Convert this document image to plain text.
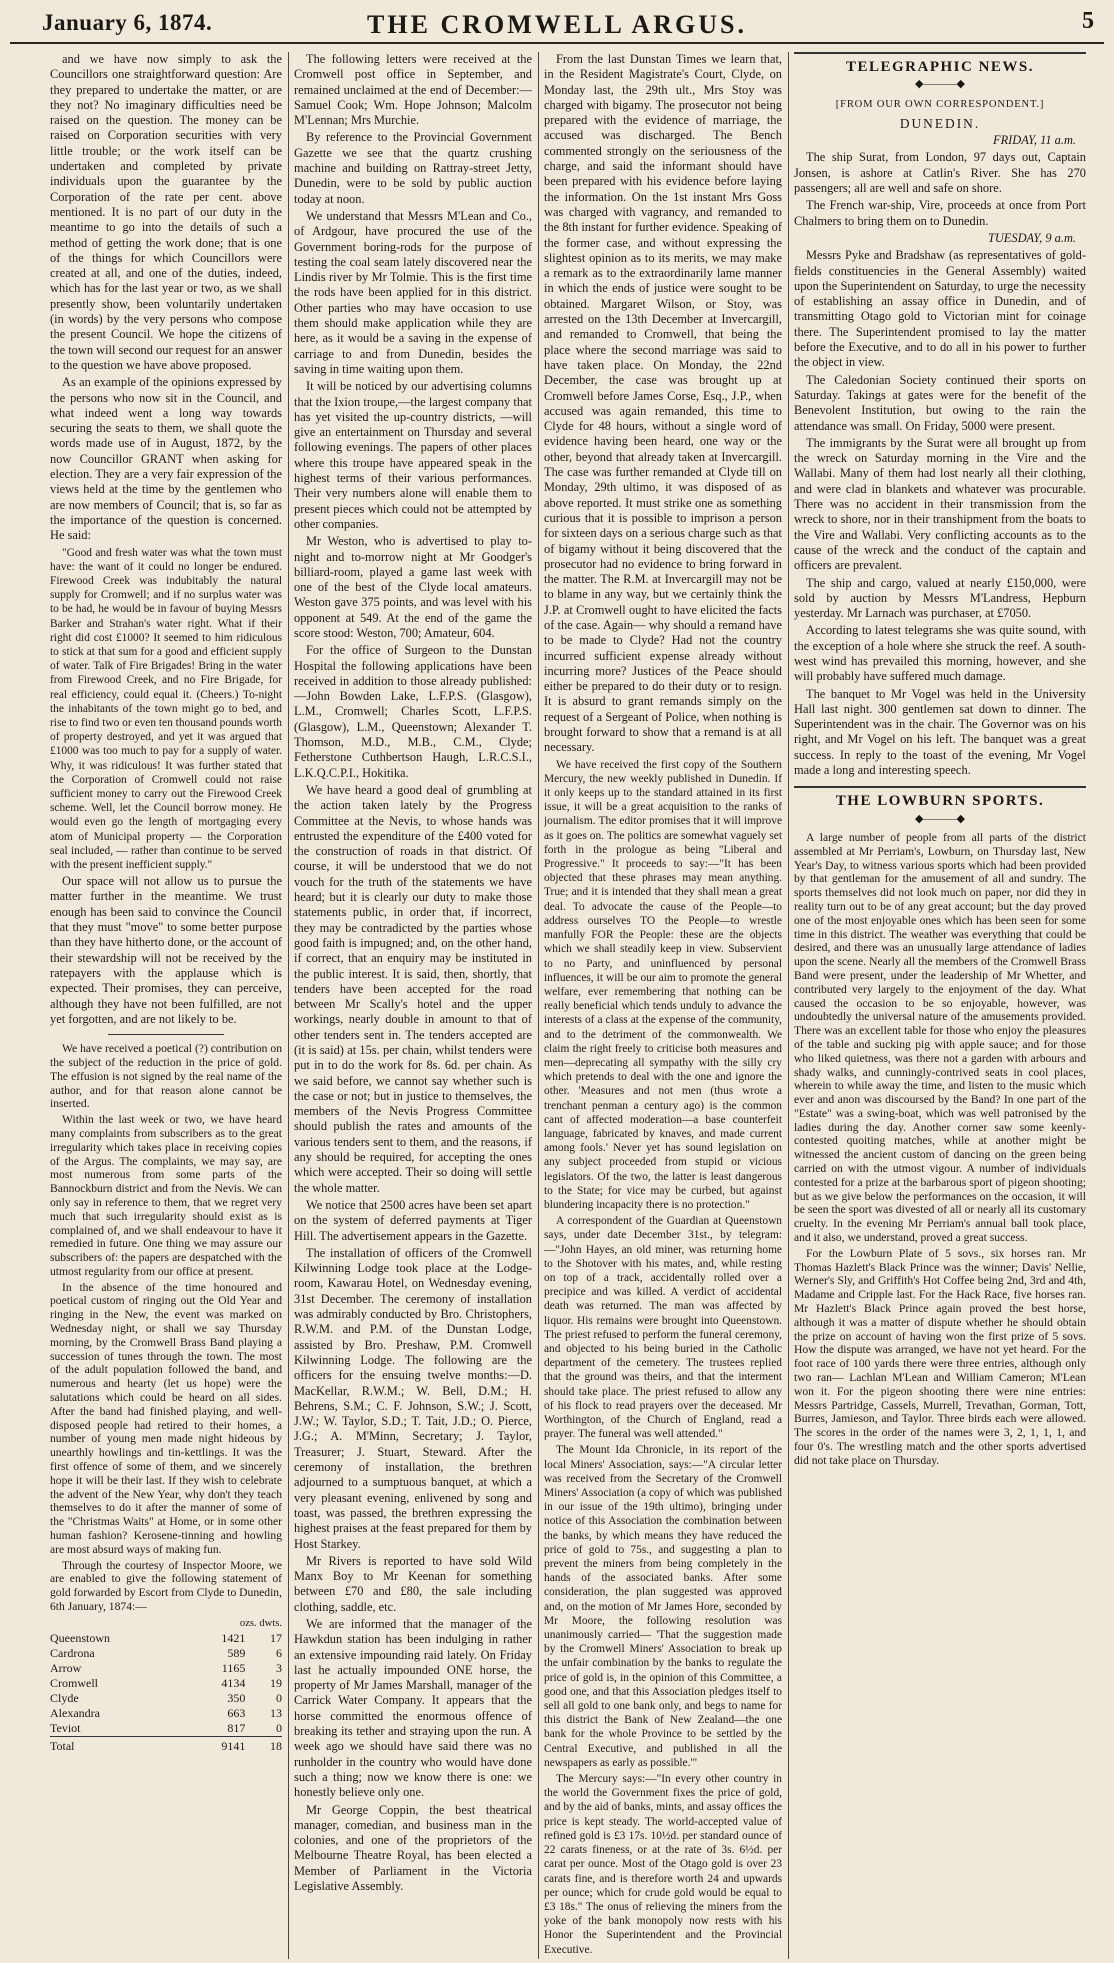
January 6, 1874.	THE CROMWELL ARGUS.	5

and we have now simply to ask the Councillors one straightforward question: Are they prepared to undertake the matter, or are they not? No imaginary difficulties need be raised on the question. The money can be raised on Corporation securities with very little trouble; or the work itself can be undertaken and completed by private individuals upon the guarantee by the Corporation of the rate per cent. above mentioned. It is no part of our duty in the meantime to go into the details of such a method of getting the work done; that is one of the things for which Councillors were created at all, and one of the duties, indeed, which has for the last year or two, as we shall presently show, been voluntarily undertaken (in words) by the very persons who compose the present Council. We hope the citizens of the town will second our request for an answer to the question we have above proposed.

As an example of the opinions expressed by the persons who now sit in the Council, and what indeed went a long way towards securing the seats to them, we shall quote the words made use of in August, 1872, by the now Councillor GRANT when asking for election. They are a very fair expression of the views held at the time by the gentlemen who are now members of Council; that is, so far as the importance of the question is concerned. He said:

"Good and fresh water was what the town must have: the want of it could no longer be endured. Firewood Creek was indubitably the natural supply for Cromwell; and if no surplus water was to be had, he would be in favour of buying Messrs Barker and Strahan's water right. What if their right did cost £1000? It seemed to him ridiculous to stick at that sum for a good and efficient supply of water. Talk of Fire Brigades! Bring in the water from Firewood Creek, and no Fire Brigade, for real efficiency, could equal it. (Cheers.) To-night the inhabitants of the town might go to bed, and rise to find two or even ten thousand pounds worth of property destroyed, and yet it was argued that £1000 was too much to pay for a supply of water. Why, it was ridiculous! It was further stated that the Corporation of Cromwell could not raise sufficient money to carry out the Firewood Creek scheme. Well, let the Council borrow money. He would even go the length of mortgaging every atom of Municipal property — the Corporation seal included, — rather than continue to be served with the present inefficient supply."

Our space will not allow us to pursue the matter further in the meantime. We trust enough has been said to convince the Council that they must "move" to some better purpose than they have hitherto done, or the account of their stewardship will not be received by the ratepayers with the applause which is expected. Their promises, they can perceive, although they have not been fulfilled, are not yet forgotten, and are not likely to be.

We have received a poetical (?) contribution on the subject of the reduction in the price of gold. The effusion is not signed by the real name of the author, and for that reason alone cannot be inserted.

Within the last week or two, we have heard many complaints from subscribers as to the great irregularity which takes place in receiving copies of the Argus. The complaints, we may say, are most numerous from some parts of the Bannockburn district and from the Nevis. We can only say in reference to them, that we regret very much that such irregularity should exist as is complained of, and we shall endeavour to have it remedied in future. One thing we may assure our subscribers of: the papers are despatched with the utmost regularity from our office at present.

In the absence of the time honoured and poetical custom of ringing out the Old Year and ringing in the New, the event was marked on Wednesday night, or shall we say Thursday morning, by the Cromwell Brass Band playing a succession of tunes through the town. The most of the adult population followed the band, and numerous and hearty (let us hope) were the salutations which could be heard on all sides. After the band had finished playing, and well-disposed people had retired to their homes, a number of young men made night hideous by unearthly howlings and tin-kettlings. It was the first offence of some of them, and we sincerely hope it will be their last. If they wish to celebrate the advent of the New Year, why don't they teach themselves to do it after the manner of some of the "Christmas Waits" at Home, or in some other human fashion? Kerosene-tinning and howling are most absurd ways of making fun.

Through the courtesy of Inspector Moore, we are enabled to give the following statement of gold forwarded by Escort from Clyde to Dunedin, 6th January, 1874:—

	ozs. dwts.	
Queenstown	1421	17
Cardrona	589	6
Arrow	1165	3
Cromwell	4134	19
Clyde	350	0
Alexandra	663	13
Teviot	817	0
Total	9141	18

The following letters were received at the Cromwell post office in September, and remained unclaimed at the end of December:— Samuel Cook; Wm. Hope Johnson; Malcolm M'Lennan; Mrs Murchie.

By reference to the Provincial Government Gazette we see that the quartz crushing machine and building on Rattray-street Jetty, Dunedin, were to be sold by public auction today at noon.

We understand that Messrs M'Lean and Co., of Ardgour, have procured the use of the Government boring-rods for the purpose of testing the coal seam lately discovered near the Lindis river by Mr Tolmie. This is the first time the rods have been applied for in this district. Other parties who may have occasion to use them should make application while they are here, as it would be a saving in the expense of carriage to and from Dunedin, besides the saving in time waiting upon them.

It will be noticed by our advertising columns that the Ixion troupe,—the largest company that has yet visited the up-country districts, —will give an entertainment on Thursday and several following evenings. The papers of other places where this troupe have appeared speak in the highest terms of their various performances. Their very numbers alone will enable them to present pieces which could not be attempted by other companies.

Mr Weston, who is advertised to play to-night and to-morrow night at Mr Goodger's billiard-room, played a game last week with one of the best of the Clyde local amateurs. Weston gave 375 points, and was level with his opponent at 549. At the end of the game the score stood: Weston, 700; Amateur, 604.

For the office of Surgeon to the Dunstan Hospital the following applications have been received in addition to those already published: —John Bowden Lake, L.F.P.S. (Glasgow), L.M., Cromwell; Charles Scott, L.F.P.S. (Glasgow), L.M., Queenstown; Alexander T. Thomson, M.D., M.B., C.M., Clyde; Fetherstone Cuthbertson Haugh, L.R.C.S.I., L.K.Q.C.P.I., Hokitika.

We have heard a good deal of grumbling at the action taken lately by the Progress Committee at the Nevis, to whose hands was entrusted the expenditure of the £400 voted for the construction of roads in that district. Of course, it will be understood that we do not vouch for the truth of the statements we have heard; but it is clearly our duty to make those statements public, in order that, if incorrect, they may be contradicted by the parties whose good faith is impugned; and, on the other hand, if correct, that an enquiry may be instituted in the public interest. It is said, then, shortly, that tenders have been accepted for the road between Mr Scally's hotel and the upper workings, nearly double in amount to that of other tenders sent in. The tenders accepted are (it is said) at 15s. per chain, whilst tenders were put in to do the work for 8s. 6d. per chain. As we said before, we cannot say whether such is the case or not; but in justice to themselves, the members of the Nevis Progress Committee should publish the rates and amounts of the various tenders sent to them, and the reasons, if any should be required, for accepting the ones which were accepted. Their so doing will settle the whole matter.

We notice that 2500 acres have been set apart on the system of deferred payments at Tiger Hill. The advertisement appears in the Gazette.

The installation of officers of the Cromwell Kilwinning Lodge took place at the Lodge-room, Kawarau Hotel, on Wednesday evening, 31st December. The ceremony of installation was admirably conducted by Bro. Christophers, R.W.M. and P.M. of the Dunstan Lodge, assisted by Bro. Preshaw, P.M. Cromwell Kilwinning Lodge. The following are the officers for the ensuing twelve months:—D. MacKellar, R.W.M.; W. Bell, D.M.; H. Behrens, S.M.; C. F. Johnson, S.W.; J. Scott, J.W.; W. Taylor, S.D.; T. Tait, J.D.; O. Pierce, J.G.; A. M'Minn, Secretary; J. Taylor, Treasurer; J. Stuart, Steward. After the ceremony of installation, the brethren adjourned to a sumptuous banquet, at which a very pleasant evening, enlivened by song and toast, was passed, the brethren expressing the highest praises at the feast prepared for them by Host Starkey.

Mr Rivers is reported to have sold Wild Manx Boy to Mr Keenan for something between £70 and £80, the sale including clothing, saddle, etc.

We are informed that the manager of the Hawkdun station has been indulging in rather an extensive impounding raid lately. On Friday last he actually impounded ONE horse, the property of Mr James Marshall, manager of the Carrick Water Company. It appears that the horse committed the enormous offence of breaking its tether and straying upon the run. A week ago we should have said there was no runholder in the country who would have done such a thing; now we know there is one: we honestly believe only one.

Mr George Coppin, the best theatrical manager, comedian, and business man in the colonies, and one of the proprietors of the Melbourne Theatre Royal, has been elected a Member of Parliament in the Victoria Legislative Assembly.

From the last Dunstan Times we learn that, in the Resident Magistrate's Court, Clyde, on Monday last, the 29th ult., Mrs Stoy was charged with bigamy. The prosecutor not being prepared with the evidence of marriage, the accused was discharged. The Bench commented strongly on the seriousness of the charge, and said the informant should have been prepared with his evidence before laying the information. On the 1st instant Mrs Goss was charged with vagrancy, and remanded to the 8th instant for further evidence. Speaking of the former case, and without expressing the slightest opinion as to its merits, we may make a remark as to the extraordinarily lame manner in which the ends of justice were sought to be obtained. Margaret Wilson, or Stoy, was arrested on the 13th December at Invercargill, and remanded to Cromwell, that being the place where the second marriage was said to have taken place. On Monday, the 22nd December, the case was brought up at Cromwell before James Corse, Esq., J.P., when accused was again remanded, this time to Clyde for 48 hours, without a single word of evidence having been heard, one way or the other, beyond that already taken at Invercargill. The case was further remanded at Clyde till on Monday, 29th ultimo, it was disposed of as above reported. It must strike one as something curious that it is possible to imprison a person for sixteen days on a serious charge such as that of bigamy without it being discovered that the prosecutor had no evidence to bring forward in the matter. The R.M. at Invercargill may not be to blame in any way, but we certainly think the J.P. at Cromwell ought to have elicited the facts of the case. Again— why should a remand have to be made to Clyde? Had not the country incurred sufficient expense already without incurring more? Justices of the Peace should either be prepared to do their duty or to resign. It is absurd to grant remands simply on the request of a Sergeant of Police, when nothing is brought forward to show that a remand is at all necessary.

We have received the first copy of the Southern Mercury, the new weekly published in Dunedin. If it only keeps up to the standard attained in its first issue, it will be a great acquisition to the ranks of journalism. The editor promises that it will improve as it goes on. The politics are somewhat vaguely set forth in the prologue as being "Liberal and Progressive." It proceeds to say:—"It has been objected that these phrases may mean anything. True; and it is intended that they shall mean a great deal. To advocate the cause of the People—to address ourselves TO the People—to wrestle manfully FOR the People: these are the objects which we shall steadily keep in view. Subservient to no Party, and uninfluenced by personal influences, it will be our aim to promote the general welfare, ever remembering that nothing can be really beneficial which tends unduly to advance the interests of a class at the expense of the community, and to the detriment of the commonwealth. We claim the right freely to criticise both measures and men—deprecating all sympathy with the silly cry which pretends to deal with the one and ignore the other. 'Measures and not men (thus wrote a trenchant penman a century ago) is the common cant of affected moderation—a base counterfeit language, fabricated by knaves, and made current among fools.' Never yet has sound legislation on any subject proceeded from stupid or vicious legislators. Of the two, the latter is least dangerous to the State; for vice may be curbed, but against blundering incapacity there is no protection."

A correspondent of the Guardian at Queenstown says, under date December 31st., by telegram:—"John Hayes, an old miner, was returning home to the Shotover with his mates, and, while resting on top of a track, accidentally rolled over a precipice and was killed. A verdict of accidental death was returned. The man was affected by liquor. His remains were brought into Queenstown. The priest refused to perform the funeral ceremony, and objected to his being buried in the Catholic department of the cemetery. The trustees replied that the ground was theirs, and that the interment should take place. The priest refused to allow any of his flock to read prayers over the deceased. Mr Worthington, of the Church of England, read a prayer. The funeral was well attended."

The Mount Ida Chronicle, in its report of the local Miners' Association, says:—"A circular letter was received from the Secretary of the Cromwell Miners' Association (a copy of which was published in our issue of the 19th ultimo), bringing under notice of this Association the combination between the banks, by which means they have reduced the price of gold to 75s., and suggesting a plan to prevent the miners from being completely in the hands of the associated banks. After some consideration, the plan suggested was approved and, on the motion of Mr James Hore, seconded by Mr Moore, the following resolution was unanimously carried— 'That the suggestion made by the Cromwell Miners' Association to break up the unfair combination by the banks to regulate the price of gold is, in the opinion of this Committee, a good one, and that this Association pledges itself to sell all gold to one bank only, and begs to name for this district the Bank of New Zealand—the one bank for the whole Province to be settled by the Central Executive, and published in all the newspapers as early as possible.'"

The Mercury says:—"In every other country in the world the Government fixes the price of gold, and by the aid of banks, mints, and assay offices the price is kept steady. The world-accepted value of refined gold is £3 17s. 10½d. per standard ounce of 22 carats fineness, or at the rate of 3s. 6½d. per carat per ounce. Most of the Otago gold is over 23 carats fine, and is therefore worth 24 and upwards per ounce; which for crude gold would be equal to £3 18s." The onus of relieving the miners from the yoke of the bank monopoly now rests with his Honor the Superintendent and the Provincial Executive.

TELEGRAPHIC NEWS.
◆———◆
[FROM OUR OWN CORRESPONDENT.]
DUNEDIN.
FRIDAY, 11 a.m.

The ship Surat, from London, 97 days out, Captain Jonsen, is ashore at Catlin's River. She has 270 passengers; all are well and safe on shore.

The French war-ship, Vire, proceeds at once from Port Chalmers to bring them on to Dunedin.

TUESDAY, 9 a.m.

Messrs Pyke and Bradshaw (as representatives of gold-fields constituencies in the General Assembly) waited upon the Superintendent on Saturday, to urge the necessity of establishing an assay office in Dunedin, and of transmitting Otago gold to Victorian mint for coinage there. The Superintendent promised to lay the matter before the Executive, and to do all in his power to further the object in view.

The Caledonian Society continued their sports on Saturday. Takings at gates were for the benefit of the Benevolent Institution, but owing to the rain the attendance was small. On Friday, 5000 were present.

The immigrants by the Surat were all brought up from the wreck on Saturday morning in the Vire and the Wallabi. Many of them had lost nearly all their clothing, and were clad in blankets and whatever was procurable. There was no accident in their transmission from the wreck to shore, nor in their transhipment from the boats to the Vire and Wallabi. Very conflicting accounts as to the cause of the wreck and the conduct of the captain and officers are prevalent.

The ship and cargo, valued at nearly £150,000, were sold by auction by Messrs M'Landress, Hepburn yesterday. Mr Larnach was purchaser, at £7050.

According to latest telegrams she was quite sound, with the exception of a hole where she struck the reef. A south-west wind has prevailed this morning, however, and she will probably have suffered much damage.

The banquet to Mr Vogel was held in the University Hall last night. 300 gentlemen sat down to dinner. The Superintendent was in the chair. The Governor was on his right, and Mr Vogel on his left. The banquet was a great success. In reply to the toast of the evening, Mr Vogel made a long and interesting speech.

THE LOWBURN SPORTS.
◆———◆

A large number of people from all parts of the district assembled at Mr Perriam's, Lowburn, on Thursday last, New Year's Day, to witness various sports which had been provided by that gentleman for the amusement of all and sundry. The sports themselves did not look much on paper, nor did they in reality turn out to be of any great account; but the day proved one of the most enjoyable ones which has been seen for some time in this district. The weather was everything that could be desired, and there was an unusually large attendance of ladies upon the scene. Nearly all the members of the Cromwell Brass Band were present, under the leadership of Mr Whetter, and contributed very largely to the enjoyment of the day. What caused the occasion to be so enjoyable, however, was undoubtedly the universal nature of the amusements provided. There was an excellent table for those who enjoy the pleasures of the table and sucking pig with apple sauce; and for those who liked quietness, was there not a garden with arbours and shady walks, and cunningly-contrived seats in cool places, wherein to while away the time, and listen to the music which ever and anon was discoursed by the Band? In one part of the "Estate" was a swing-boat, which was well patronised by the ladies during the day. Another corner saw some keenly-contested quoiting matches, while at another might be witnessed the ancient custom of dancing on the green being carried on with the utmost vigour. A number of individuals contested for a prize at the barbarous sport of pigeon shooting; but as we give below the performances on the occasion, it will be seen the sport was divested of all or nearly all its customary cruelty. In the evening Mr Perriam's annual ball took place, and it also, we understand, proved a great success.

For the Lowburn Plate of 5 sovs., six horses ran. Mr Thomas Hazlett's Black Prince was the winner; Davis' Nellie, Werner's Sly, and Griffith's Hot Coffee being 2nd, 3rd and 4th, Madame and Cripple last. For the Hack Race, five horses ran. Mr Hazlett's Black Prince again proved the best horse, although it was a matter of dispute whether he should obtain the prize on account of having won the first prize of 5 sovs. How the dispute was arranged, we have not yet heard. For the foot race of 100 yards there were three entries, although only two ran— Lachlan M'Lean and William Cameron; M'Lean won it. For the pigeon shooting there were nine entries: Messrs Partridge, Cassels, Murrell, Trevathan, Gorman, Tott, Burres, Jamieson, and Taylor. Three birds each were allowed. The scores in the order of the names were 3, 2, 1, 1, 1, and four 0's. The wrestling match and the other sports advertised did not take place on Thursday.
